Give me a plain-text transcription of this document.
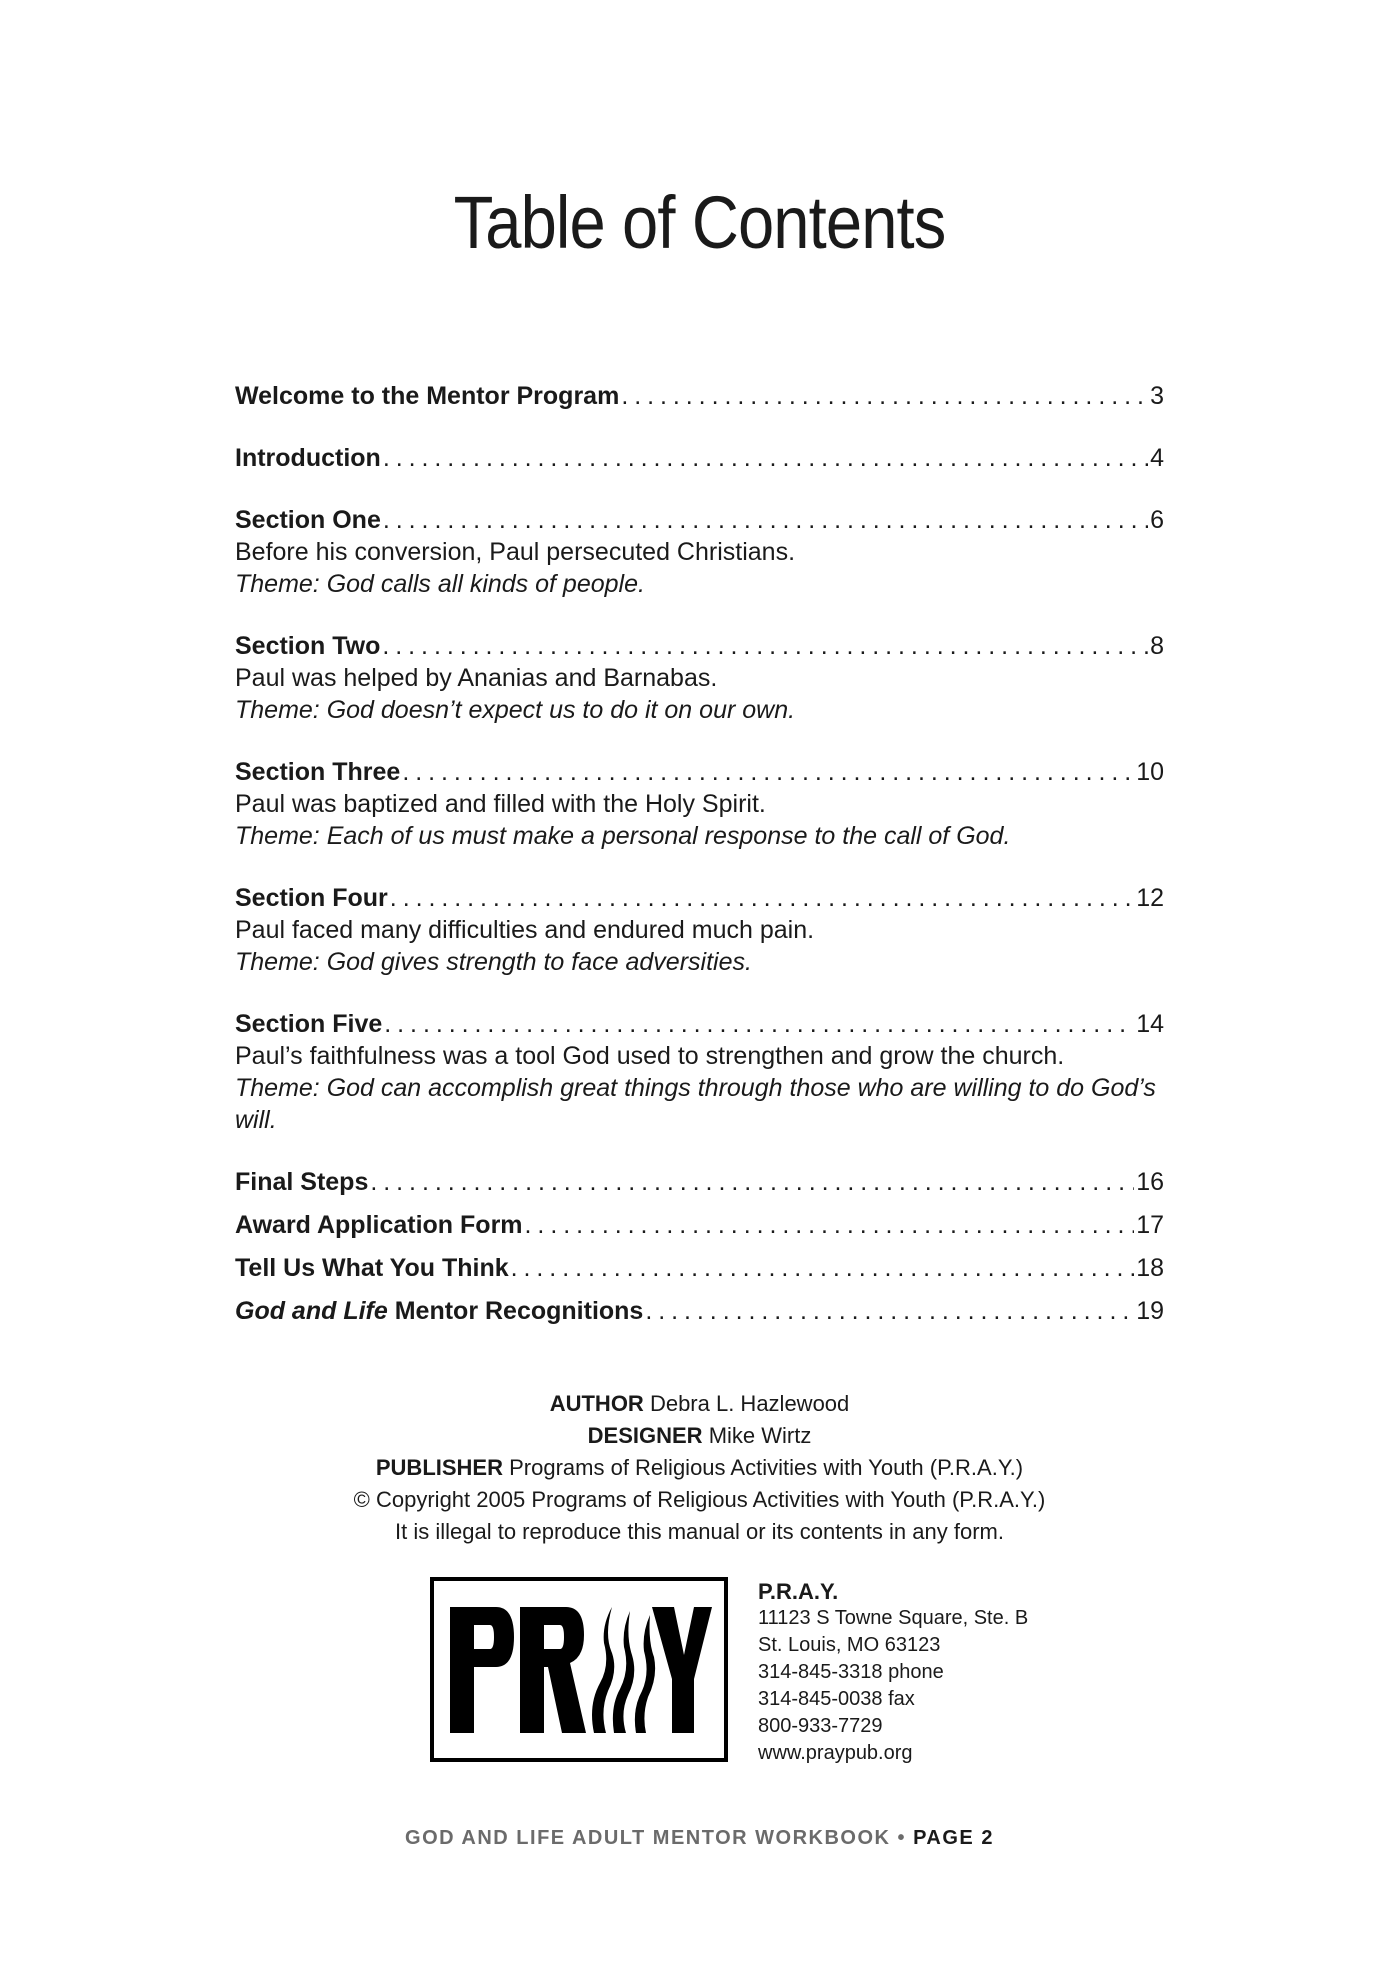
Table of Contents
Welcome to the Mentor Program . . .	3
Introduction . . .	4
Section One . . .	6
Before his conversion, Paul persecuted Christians.
Theme: God calls all kinds of people.
Section Two . . .	8
Paul was helped by Ananias and Barnabas.
Theme: God doesn’t expect us to do it on our own.
Section Three . . .	10
Paul was baptized and filled with the Holy Spirit.
Theme: Each of us must make a personal response to the call of God.
Section Four . . .	12
Paul faced many difficulties and endured much pain.
Theme: God gives strength to face adversities.
Section Five . . .	14
Paul’s faithfulness was a tool God used to strengthen and grow the church.
Theme: God can accomplish great things through those who are willing to do God’s will.
Final Steps . . .	16
Award Application Form . . .	17
Tell Us What You Think . . .	18
God and Life Mentor Recognitions . . .	19
AUTHOR Debra L. Hazlewood
DESIGNER Mike Wirtz
PUBLISHER Programs of Religious Activities with Youth (P.R.A.Y.)
© Copyright 2005 Programs of Religious Activities with Youth (P.R.A.Y.)
It is illegal to reproduce this manual or its contents in any form.
P.R.A.Y.
11123 S Towne Square, Ste. B
St. Louis, MO 63123
314-845-3318 phone
314-845-0038 fax
800-933-7729
www.praypub.org
GOD AND LIFE ADULT MENTOR WORKBOOK • PAGE 2
